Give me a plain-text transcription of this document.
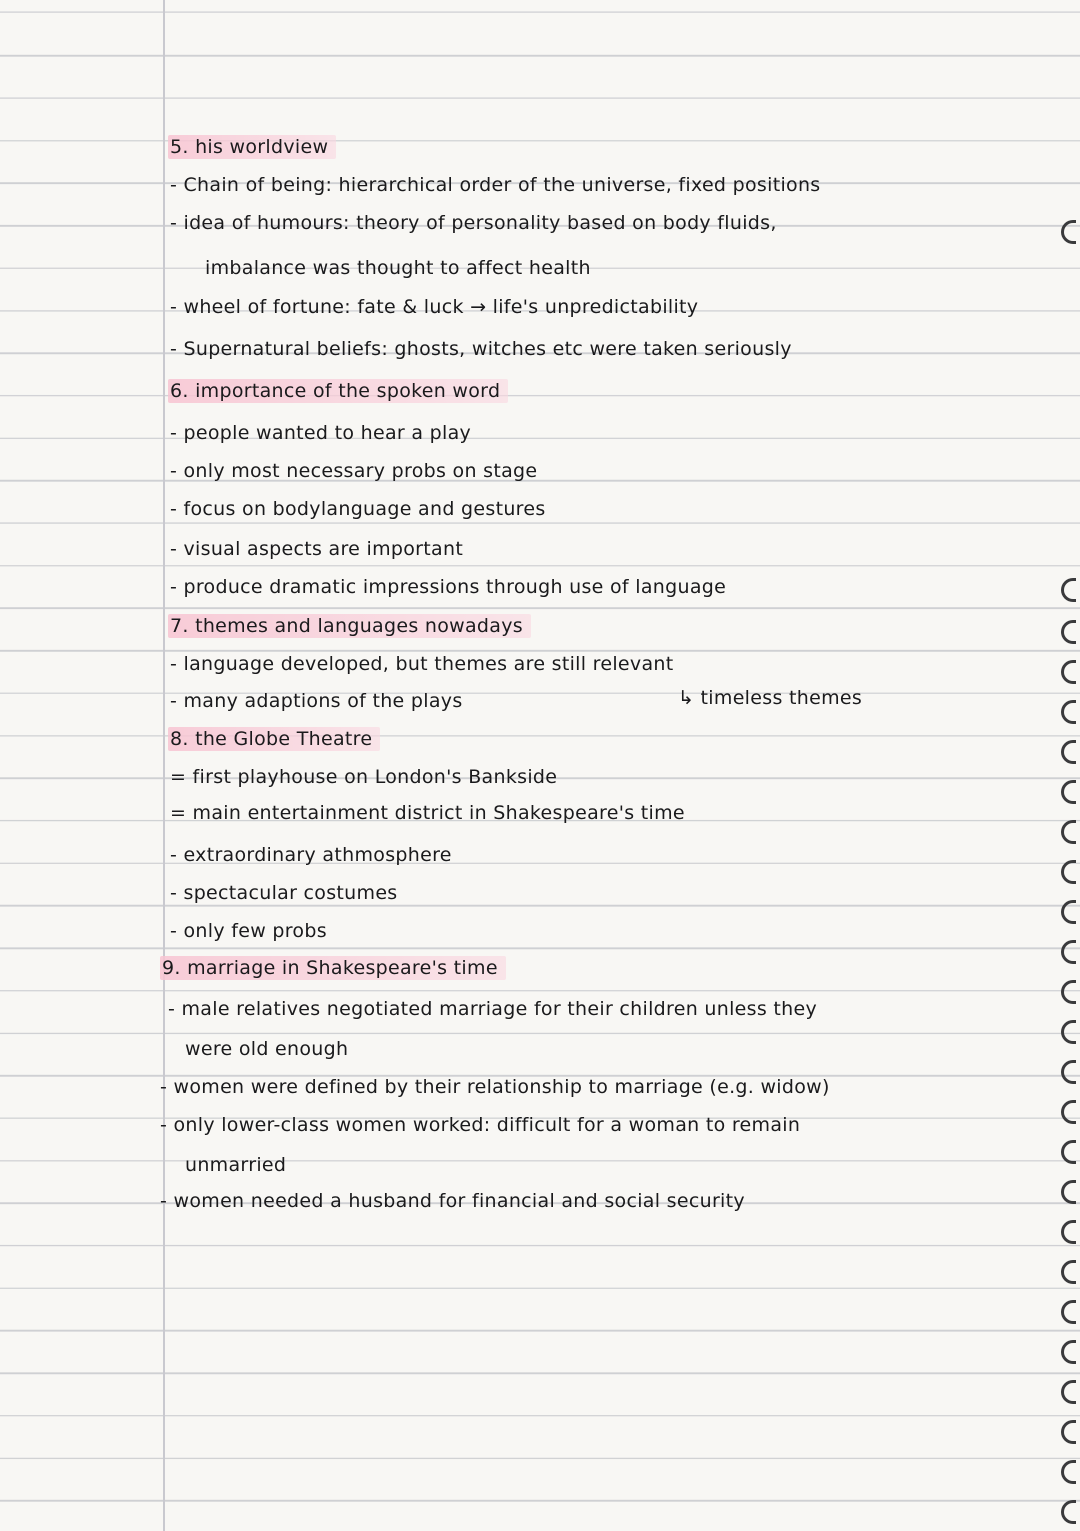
5. his worldview
- Chain of being: hierarchical order of the universe, fixed positions
- idea of humours: theory of personality based on body fluids,
imbalance was thought to affect health
- wheel of fortune: fate & luck → life's unpredictability
- Supernatural beliefs: ghosts, witches etc were taken seriously
6. importance of the spoken word
- people wanted to hear a play
- only most necessary probs on stage
- focus on bodylanguage and gestures
- visual aspects are important
- produce dramatic impressions through use of language
7. themes and languages nowadays
- language developed, but themes are still relevant
- many adaptions of the plays	↳ timeless themes
8. the Globe Theatre
= first playhouse on London's Bankside
= main entertainment district in Shakespeare's time
- extraordinary athmosphere
- spectacular costumes
- only few probs
9. marriage in Shakespeare's time
- male relatives negotiated marriage for their children unless they
were old enough
- women were defined by their relationship to marriage (e.g. widow)
- only lower-class women worked: difficult for a woman to remain
unmarried
- women needed a husband for financial and social security
